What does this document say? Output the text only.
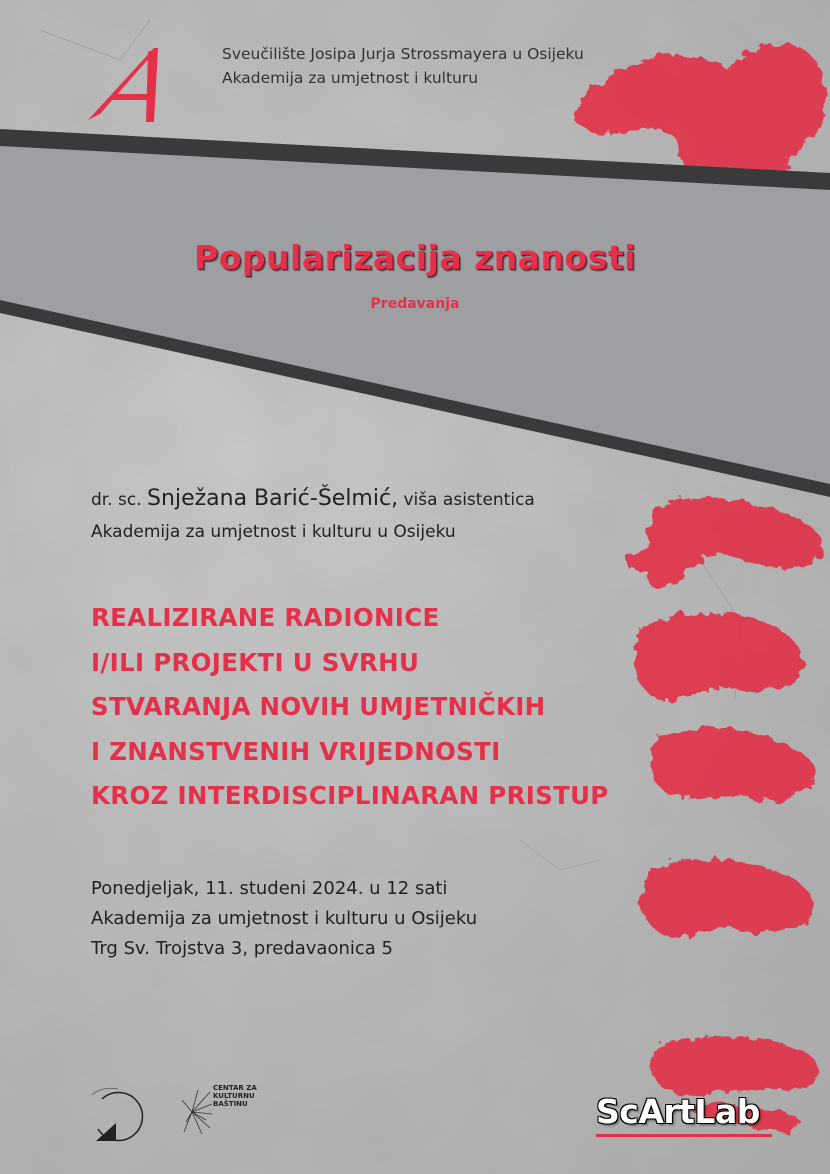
Sveučilište Josipa Jurja Strossmayera u Osijeku
Akademija za umjetnost i kulturu
Popularizacija znanosti
Predavanja
dr. sc. Snježana Barić-Šelmić, viša asistentica
Akademija za umjetnost i kulturu u Osijeku
REALIZIRANE RADIONICE
I/ILI PROJEKTI U SVRHU
STVARANJA NOVIH UMJETNIČKIH
I ZNANSTVENIH VRIJEDNOSTI
KROZ INTERDISCIPLINARAN PRISTUP
Ponedjeljak, 11. studeni 2024. u 12 sati
Akademija za umjetnost i kulturu u Osijeku
Trg Sv. Trojstva 3, predavaonica 5
CENTAR ZA
KULTURNU
BAŠTINU	ScArtLab
